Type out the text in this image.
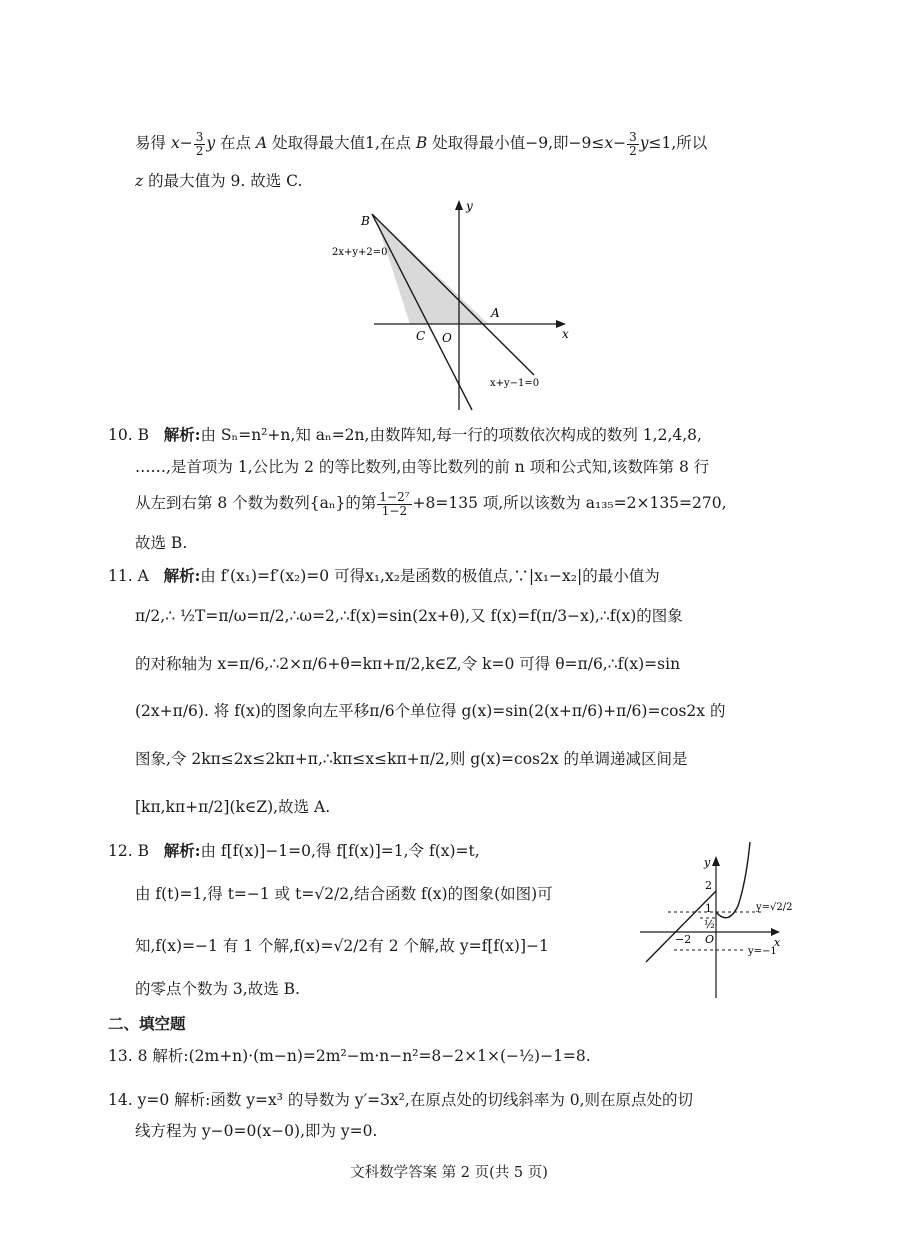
易得 $x- \frac{3}{2}$ y 在点 A 处取得最大值1,在点 B 处取得最小值−9,即$-9\le x- \frac{3}{2} y\le 1$,所以
z 的最大值为 9. 故选 C.
B
A
C O	x
y
2x+y+2=0
x+y−1=0
10. B 解析:由 Sₙ=n²+n,知 aₙ=2n,由数阵知,每一行的项数依次构成的数列 1,2,4,8,
……,是首项为 1,公比为 2 的等比数列,由等比数列的前 n 项和公式知,该数阵第 8 行
从左到右第 8 个数为数列{aₙ}的第 $\frac{\text{1−2⁷}}{1-2} +8=135$ 项,所以该数为 a₁₃₅=2×135=270,
故选 B.
11. A 解析:由 f′(x₁)=f′(x₂)=0 可得x₁,x₂是函数的极值点,∵|x₁−x₂|的最小值为
π/2,∴ ½T=π/ω=π/2,∴ω=2,∴f(x)=sin(2x+θ),又 f(x)=f(π/3−x),∴f(x)的图象
的对称轴为 x=π/6,∴2×π/6+θ=kπ+π/2,k∈Z,令 k=0 可得 θ=π/6,∴f(x)=sin
(2x+π/6). 将 f(x)的图象向左平移π/6个单位得 g(x)=sin(2(x+π/6)+π/6)=cos2x 的
图象,令 2kπ≤2x≤2kπ+π,∴kπ≤x≤kπ+π/2,则 g(x)=cos2x 的单调递减区间是
[kπ,kπ+π/2](k∈Z),故选 A.
12. B 解析:由 f[f(x)]−1=0,得 f[f(x)]=1,令 f(x)=t,
由 f(t)=1,得 t=−1 或 t=√2/2,结合函数 f(x)的图象(如图)可
知,f(x)=−1 有 1 个解,f(x)=√2/2有 2 个解,故 y=f[f(x)]−1
的零点个数为 3,故选 B.
y
x
O
2
1
½
−2
y=√2/2
y=−1
二、填空题
13. 8 解析:(2m+n)·(m−n)=2m²−m·n−n²=8−2×1×(−½)−1=8.
14. y=0 解析:函数 y=x³ 的导数为 y′=3x²,在原点处的切线斜率为 0,则在原点处的切
线方程为 y−0=0(x−0),即为 y=0.
文科数学答案 第 2 页(共 5 页)
